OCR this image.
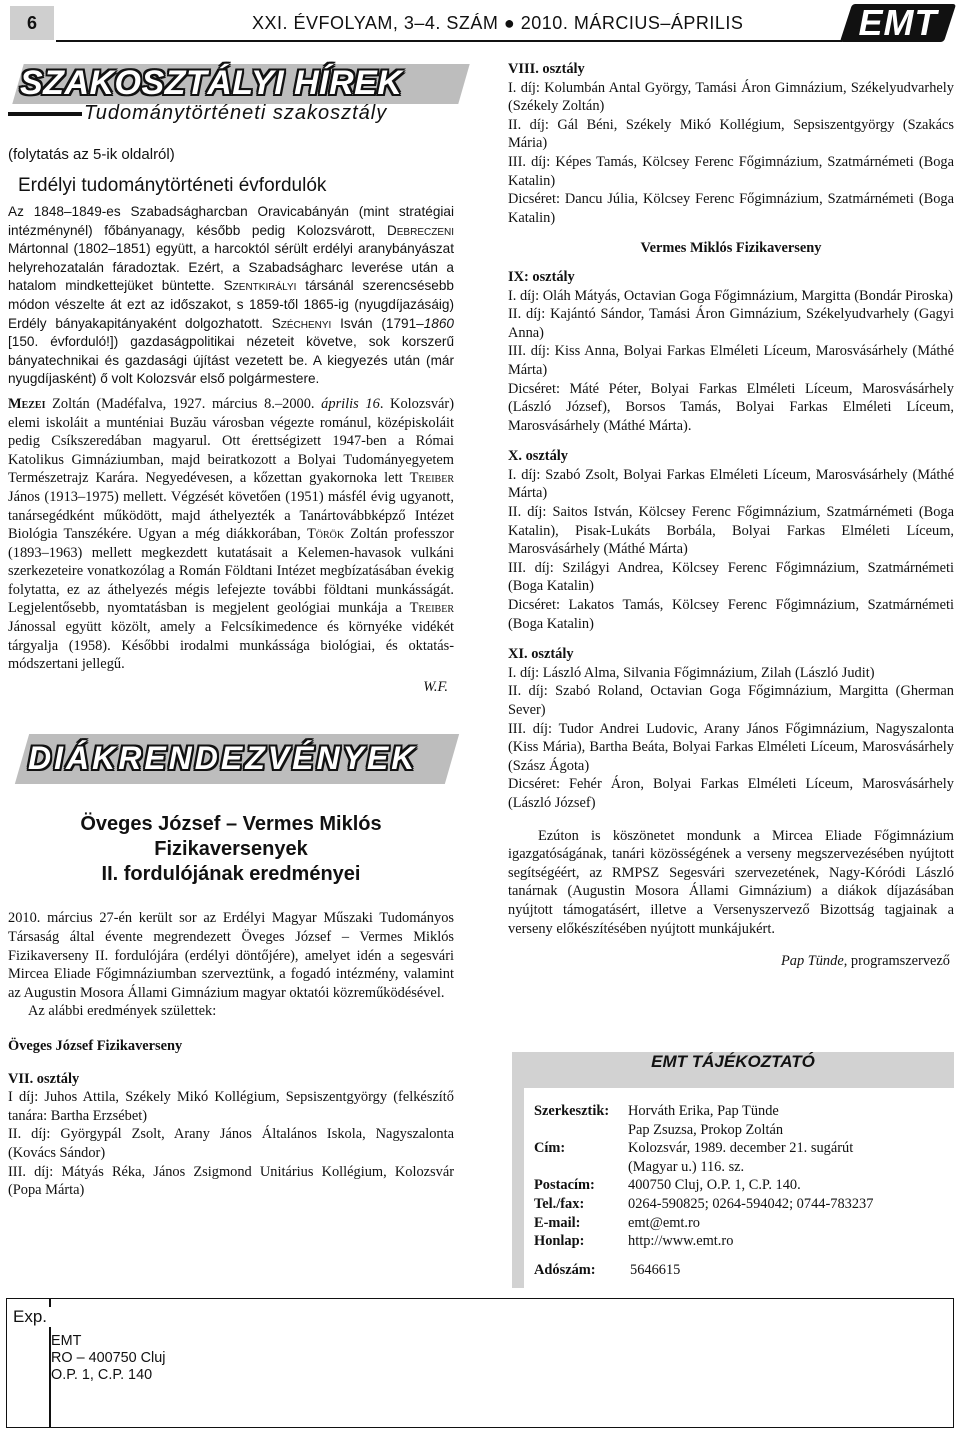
6	XXI. ÉVFOLYAM, 3–4. SZÁM ● 2010. MÁRCIUS–ÁPRILIS	EMT
SZAKOSZTÁLYI HÍREK
Tudománytörténeti szakosztály
(folytatás az 5-ik oldalról)
Erdélyi tudománytörténeti évfordulók

Az 1848–1849-es Szabadságharcban Oravicabányán (mint stratégiai intézménynél) főbányanagy, később pedig Kolozsvárott, Debreczeni Mártonnal (1802–1851) együtt, a harcoktól sérült erdélyi aranybányászat helyrehozatalán fáradoztak. Ezért, a Szabadságharc leverése után a hatalom mindkettejüket büntette. Szentkirályi társánál szerencsésebb módon vészelte át ezt az időszakot, s 1859-től 1865-ig (nyugdíjazásáig) Erdély bányakapitányaként dolgozhatott. Széchenyi Isván (1791–1860 [150. évforduló!]) gazdaságpolitikai nézeteit követve, sok korszerű bányatechnikai és gazdasági újítást vezetett be. A kiegyezés után (már nyugdíjasként) ő volt Kolozsvár első polgármestere.

Mezei Zoltán (Madéfalva, 1927. március 8.–2000. április 16. Kolozsvár) elemi iskoláit a munténiai Buzău városban végezte románul, középiskoláit pedig Csíkszeredában magyarul. Ott érettségizett 1947-ben a Római Katolikus Gimnáziumban, majd beiratkozott a Bolyai Tudományegyetem Természetrajz Karára. Negyedévesen, a kőzettan gyakornoka lett Treiber János (1913–1975) mellett. Végzését követően (1951) másfél évig ugyanott, tanársegédként működött, majd áthelyezték a Tanártovábbképző Intézet Biológia Tanszékére. Ugyan a még diákkorában, Török Zoltán professzor (1893–1963) mellett megkezdett kutatásait a Kelemen-havasok vulkáni szerkezeteire vonatkozólag a Román Földtani Intézet megbízatásában évekig folytatta, ez az áthelyezés mégis lefejezte további földtani munkásságát. Legjelentősebb, nyomtatásban is megjelent geológiai munkája a Treiber Jánossal együtt közölt, amely a Felcsíkimedence és környéke vidékét tárgyalja (1958). Későbbi irodalmi munkássága biológiai, és oktatás-módszertani jellegű.

W.F.
DIÁKRENDEZVÉNYEK
Öveges József – Vermes Miklós
Fizikaversenyek
II. fordulójának eredményei

2010. március 27-én került sor az Erdélyi Magyar Műszaki Tudományos Társaság által évente megrendezett Öveges József – Vermes Miklós Fizikaverseny II. fordulójára (erdélyi döntőjére), amelyet idén a segesvári Mircea Eliade Főgimnáziumban szerveztünk, a fogadó intézmény, valamint az Augustin Mosora Állami Gimnázium magyar oktatói közreműködésével.

Az alábbi eredmények születtek:

Öveges József Fizikaverseny
VII. osztály

I díj: Juhos Attila, Székely Mikó Kollégium, Sepsiszentgyörgy (felkészítő tanára: Bartha Erzsébet)

II. díj: Györgypál Zsolt, Arany János Általános Iskola, Nagyszalonta (Kovács Sándor)

III. díj: Mátyás Réka, János Zsigmond Unitárius Kollégium, Kolozsvár (Popa Márta)

VIII. osztály

I. díj: Kolumbán Antal György, Tamási Áron Gimnázium, Székelyudvarhely (Székely Zoltán)

II. díj: Gál Béni, Székely Mikó Kollégium, Sepsiszentgyörgy (Szakács Mária)

III. díj: Képes Tamás, Kölcsey Ferenc Főgimnázium, Szatmárnémeti (Boga Katalin)

Dicséret: Dancu Júlia, Kölcsey Ferenc Főgimnázium, Szatmárnémeti (Boga Katalin)

Vermes Miklós Fizikaverseny
IX: osztály

I. díj: Oláh Mátyás, Octavian Goga Főgimnázium, Margitta (Bondár Piroska)

II. díj: Kajántó Sándor, Tamási Áron Gimnázium, Székelyudvarhely (Gagyi Anna)

III. díj: Kiss Anna, Bolyai Farkas Elméleti Líceum, Marosvásárhely (Máthé Márta)

Dicséret: Máté Péter, Bolyai Farkas Elméleti Líceum, Marosvásárhely (László József), Borsos Tamás, Bolyai Farkas Elméleti Líceum, Marosvásárhely (Máthé Márta).

X. osztály

I. díj: Szabó Zsolt, Bolyai Farkas Elméleti Líceum, Marosvásárhely (Máthé Márta)

II. díj: Saitos István, Kölcsey Ferenc Főgimnázium, Szatmárnémeti (Boga Katalin), Pisak-Lukáts Borbála, Bolyai Farkas Elméleti Líceum, Marosvásárhely (Máthé Márta)

III. díj: Szilágyi Andrea, Kölcsey Ferenc Főgimnázium, Szatmárnémeti (Boga Katalin)

Dicséret: Lakatos Tamás, Kölcsey Ferenc Főgimnázium, Szatmárnémeti (Boga Katalin)

XI. osztály

I. díj: László Alma, Silvania Főgimnázium, Zilah (László Judit)

II. díj: Szabó Roland, Octavian Goga Főgimnázium, Margitta (Gherman Sever)

III. díj: Tudor Andrei Ludovic, Arany János Főgimnázium, Nagyszalonta (Kiss Mária), Bartha Beáta, Bolyai Farkas Elméleti Líceum, Marosvásárhely (Szász Ágota)

Dicséret: Fehér Áron, Bolyai Farkas Elméleti Líceum, Marosvásárhely (László József)

Ezúton is köszönetet mondunk a Mircea Eliade Főgimnázium igazgatóságának, tanári közösségének a verseny megszervezésében nyújtott segítségéért, az RMPSZ Segesvári szervezetének, Nagy-Kóródi László tanárnak (Augustin Mosora Állami Gimnázium) a diákok díjazásában nyújtott támogatásért, illetve a Versenyszervező Bizottság tagjainak a verseny előkészítésében nyújtott munkájukért.

Pap Tünde, programszervező
EMT TÁJÉKOZTATÓ
Szerkesztik:	Horváth Erika, Pap Tünde
	Pap Zsuzsa, Prokop Zoltán
Cím:	Kolozsvár, 1989. december 21. sugárút
	(Magyar u.) 116. sz.
Postacím:	400750 Cluj, O.P. 1, C.P. 140.
Tel./fax:	0264-590825; 0264-594042; 0744-783237
E-mail:	emt@emt.ro
Honlap:	http://www.emt.ro
Adószám:	5646615
Exp.
EMT
RO – 400750 Cluj
O.P. 1, C.P. 140
